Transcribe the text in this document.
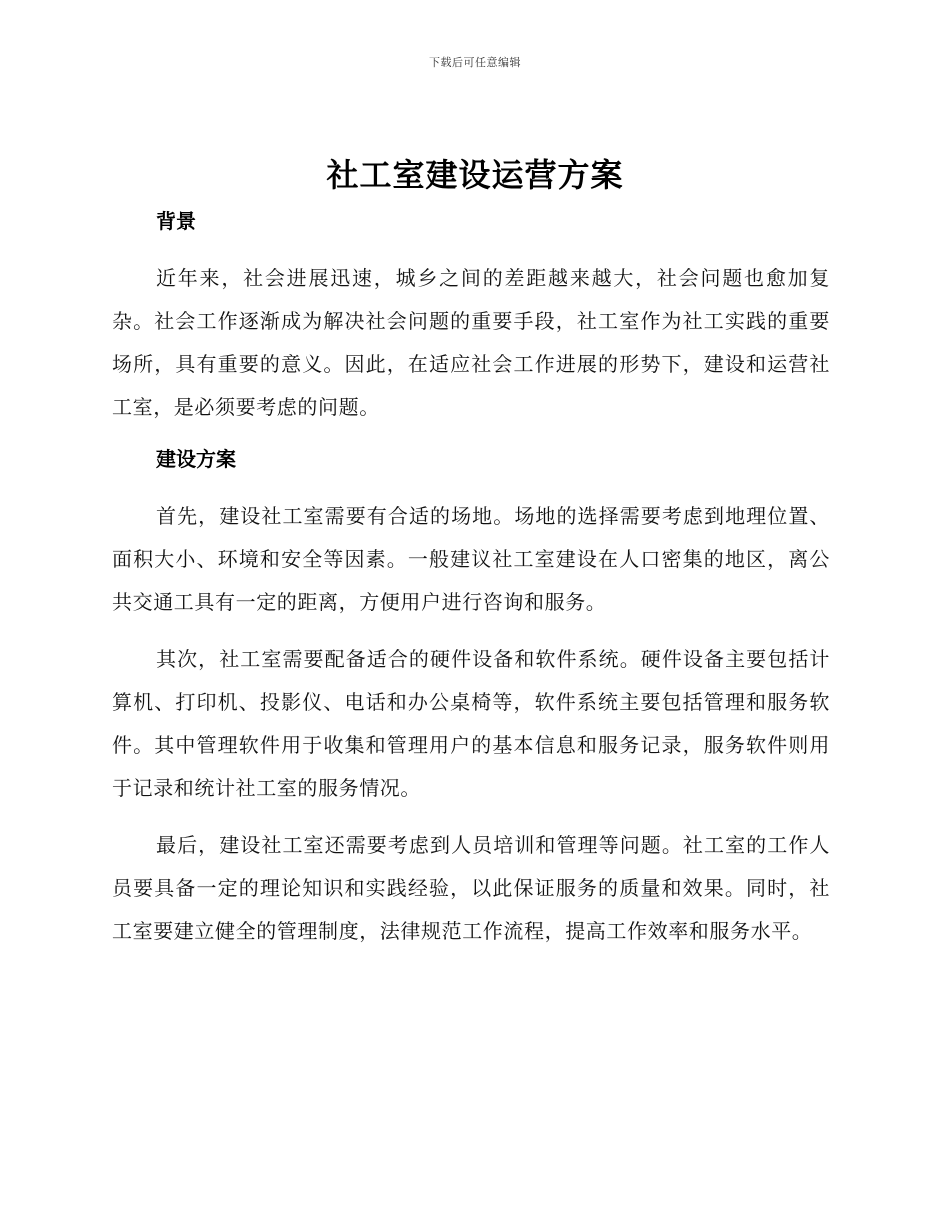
下载后可任意编辑
社工室建设运营方案
背景

近年来，社会进展迅速，城乡之间的差距越来越大，社会问题也愈加复杂。社会工作逐渐成为解决社会问题的重要手段，社工室作为社工实践的重要场所，具有重要的意义。因此，在适应社会工作进展的形势下，建设和运营社工室，是必须要考虑的问题。

建设方案

首先，建设社工室需要有合适的场地。场地的选择需要考虑到地理位置、面积大小、环境和安全等因素。一般建议社工室建设在人口密集的地区，离公共交通工具有一定的距离，方便用户进行咨询和服务。

其次，社工室需要配备适合的硬件设备和软件系统。硬件设备主要包括计算机、打印机、投影仪、电话和办公桌椅等，软件系统主要包括管理和服务软件。其中管理软件用于收集和管理用户的基本信息和服务记录，服务软件则用于记录和统计社工室的服务情况。

最后，建设社工室还需要考虑到人员培训和管理等问题。社工室的工作人员要具备一定的理论知识和实践经验，以此保证服务的质量和效果。同时，社工室要建立健全的管理制度，法律规范工作流程，提高工作效率和服务水平。
